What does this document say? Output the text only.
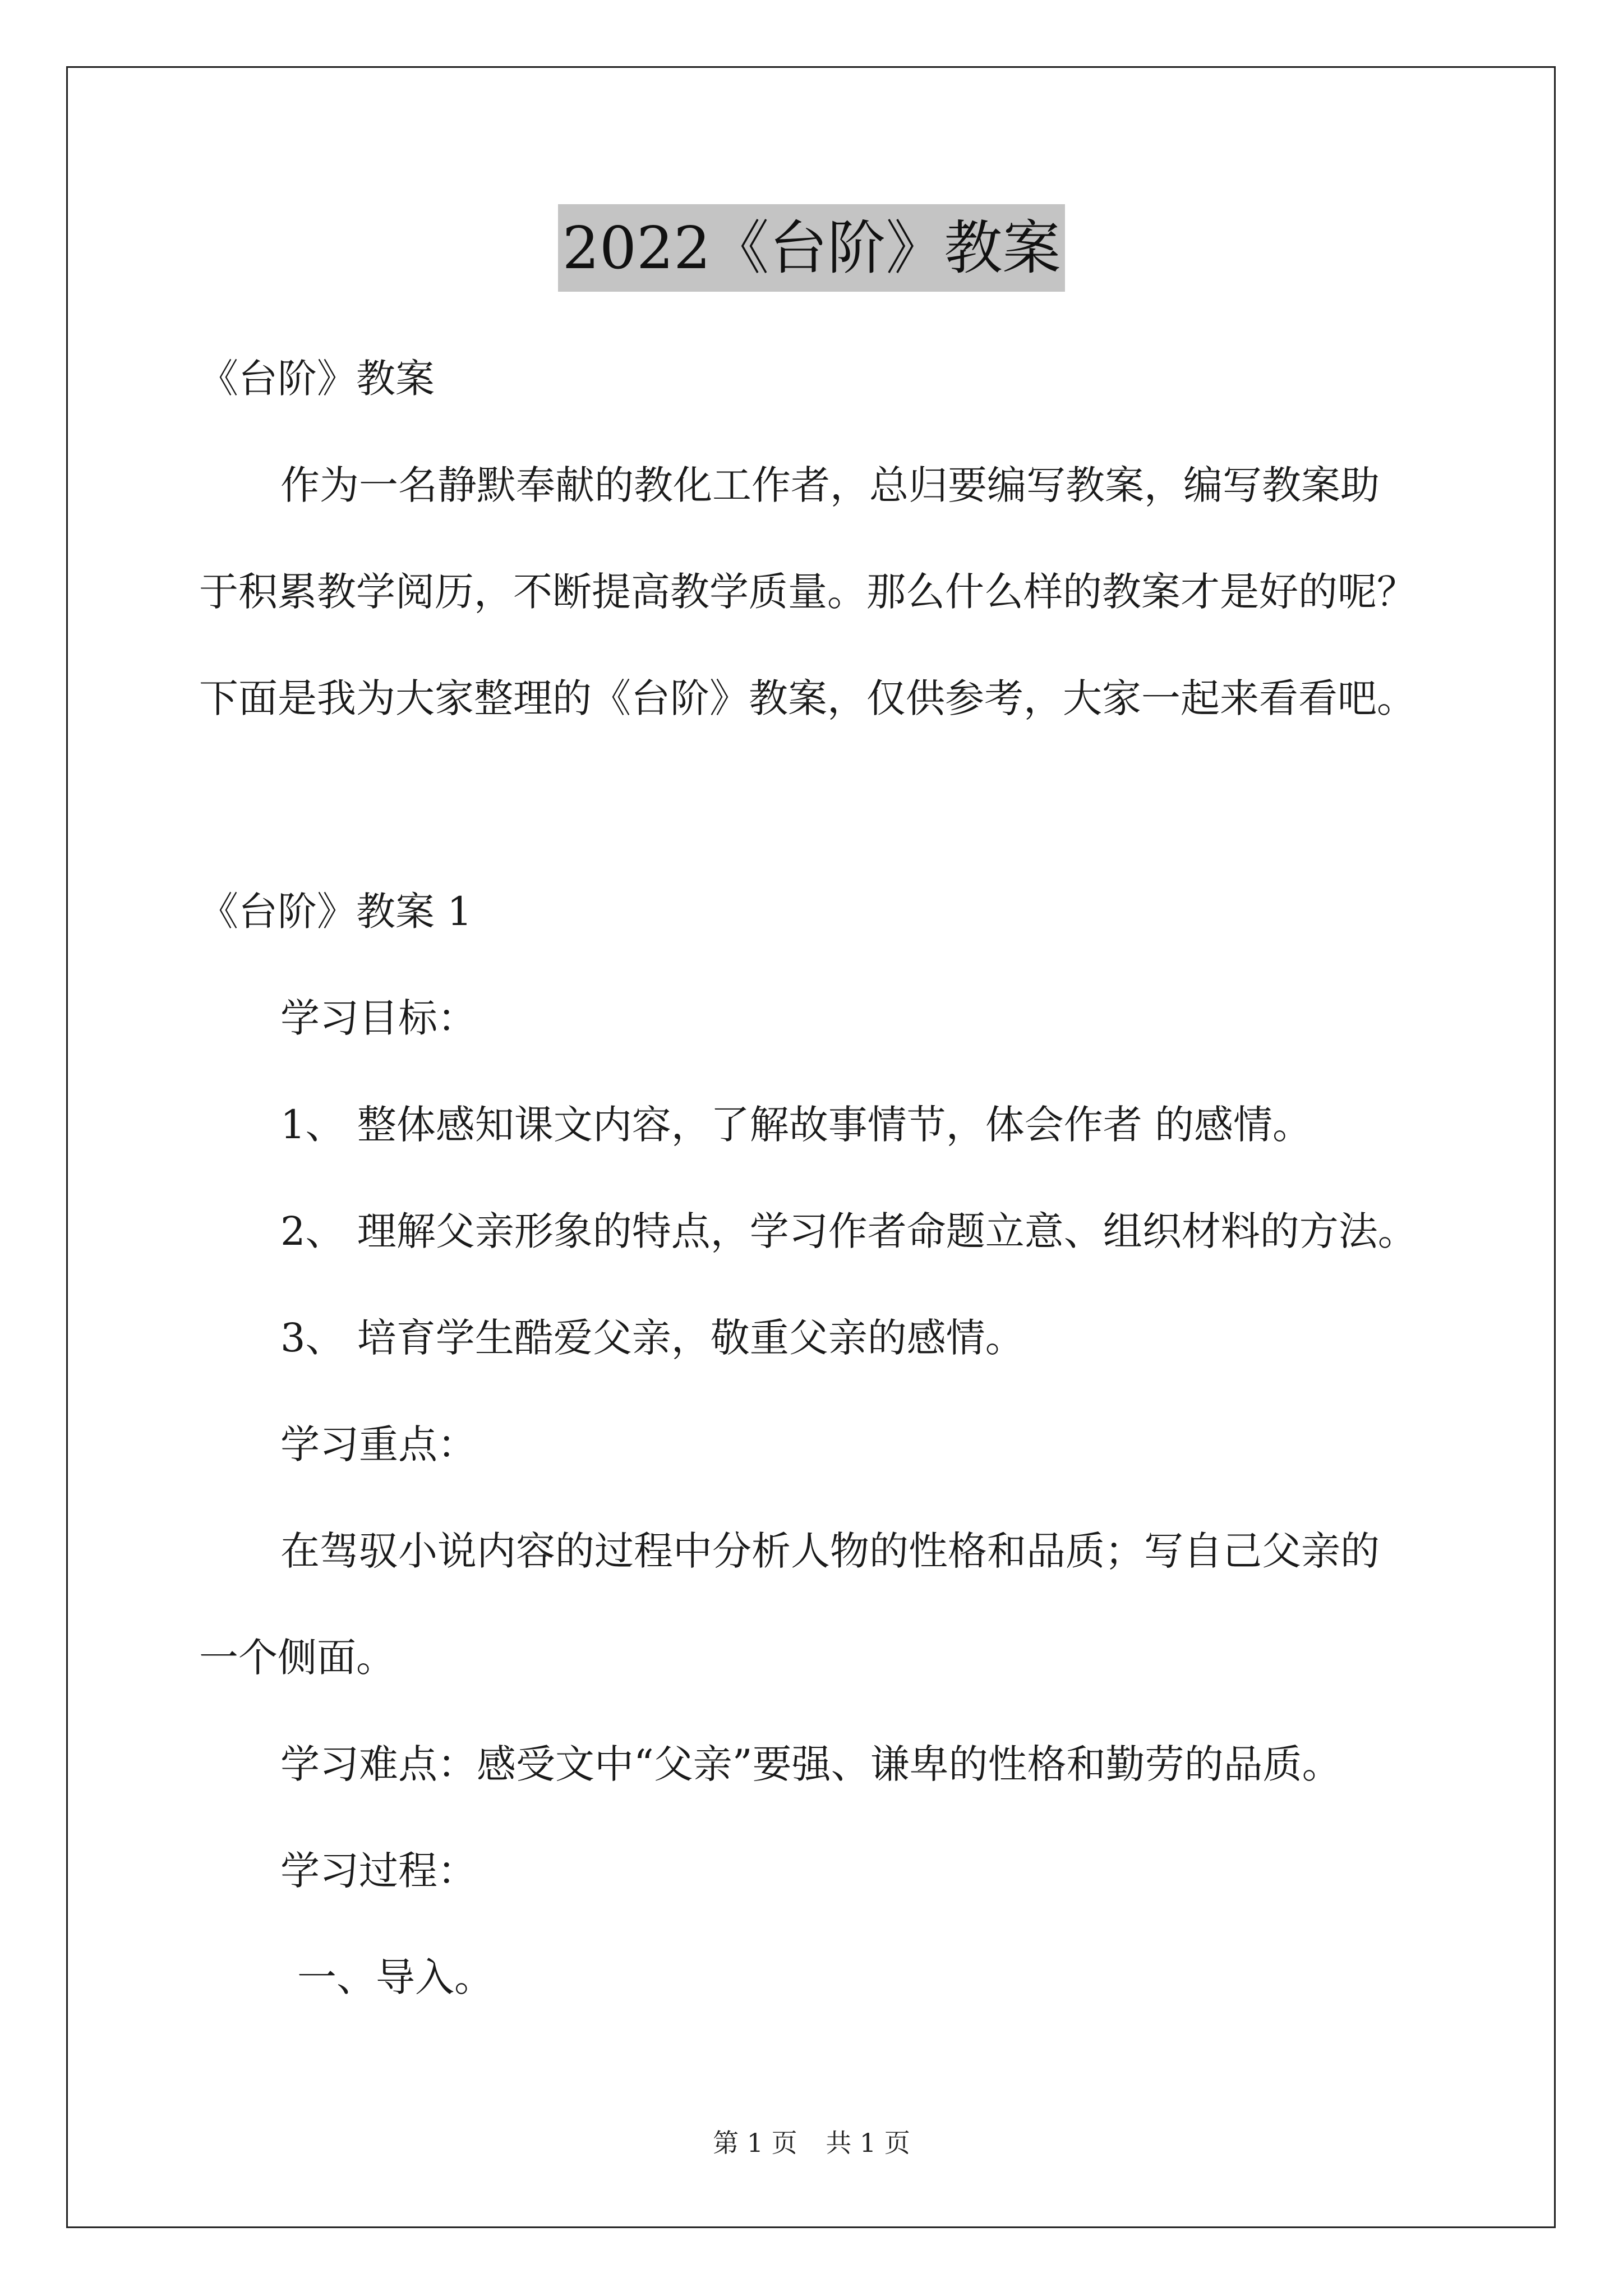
2022《台阶》教案
《台阶》教案
作为一名静默奉献的教化工作者，总归要编写教案，编写教案助
于积累教学阅历，不断提高教学质量。那么什么样的教案才是好的呢？
下面是我为大家整理的《台阶》教案，仅供参考，大家一起来看看吧。
《台阶》教案 1
学习目标：
1、 整体感知课文内容，了解故事情节，体会作者 的感情。
2、 理解父亲形象的特点，学习作者命题立意、组织材料的方法。
3、 培育学生酷爱父亲，敬重父亲的感情。
学习重点：
在驾驭小说内容的过程中分析人物的性格和品质；写自己父亲的
一个侧面。
学习难点：感受文中“父亲”要强、谦卑的性格和勤劳的品质。
学习过程：
一、导入。
第 1 页 共 1 页
